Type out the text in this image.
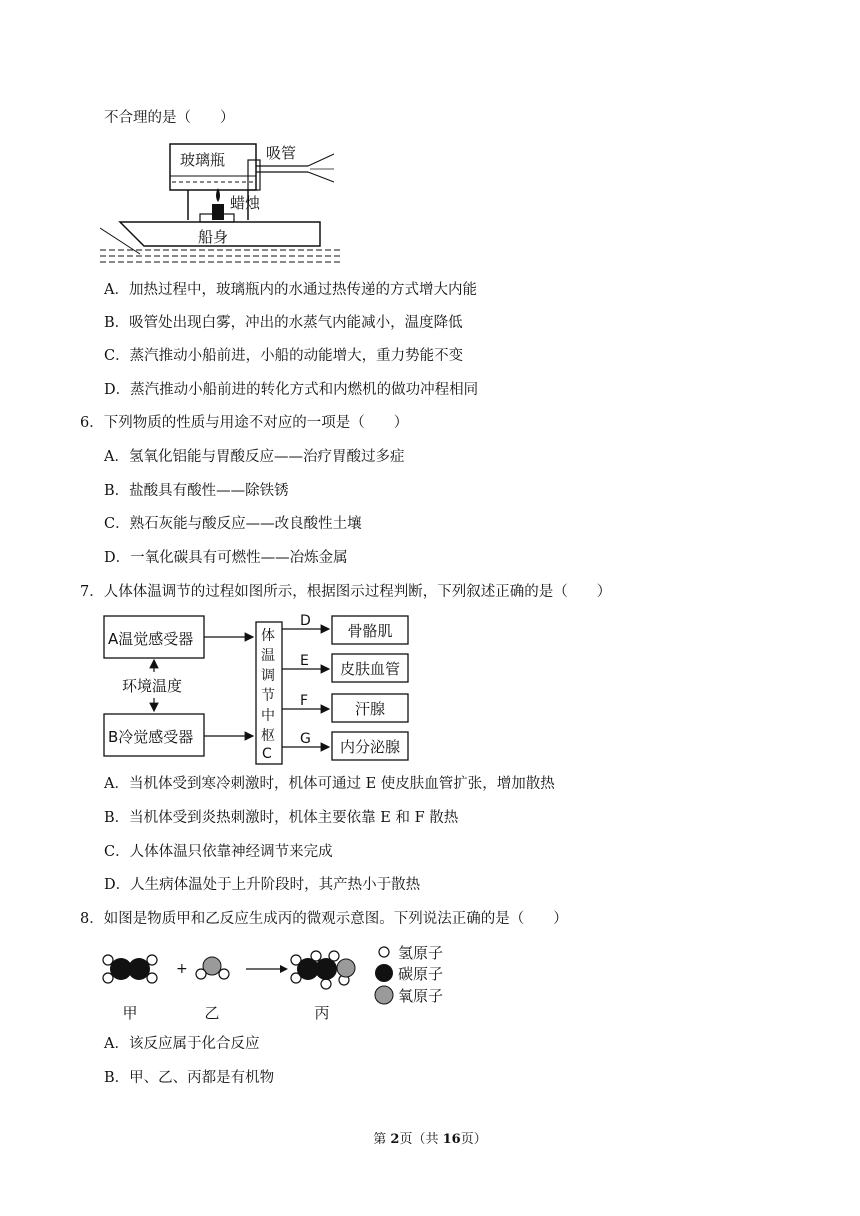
不合理的是（　　）
玻璃瓶	吸管
蜡烛
船身
A．加热过程中，玻璃瓶内的水通过热传递的方式增大内能
B．吸管处出现白雾，冲出的水蒸气内能减小，温度降低
C．蒸汽推动小船前进，小船的动能增大，重力势能不变
D．蒸汽推动小船前进的转化方式和内燃机的做功冲程相同
6．下列物质的性质与用途不对应的一项是（　　）
A．氢氧化铝能与胃酸反应——治疗胃酸过多症
B．盐酸具有酸性——除铁锈
C．熟石灰能与酸反应——改良酸性土壤
D．一氧化碳具有可燃性——冶炼金属
7．人体体温调节的过程如图所示，根据图示过程判断，下列叙述正确的是（　　）
A温觉感受器
B冷觉感受器
环境温度
体
温
调
节
中
枢
C
D
E
F
G
骨骼肌
皮肤血管
汗腺
内分泌腺
A．当机体受到寒冷刺激时，机体可通过 E 使皮肤血管扩张，增加散热
B．当机体受到炎热刺激时，机体主要依靠 E 和 F 散热
C．人体体温只依靠神经调节来完成
D．人生病体温处于上升阶段时，其产热小于散热
8．如图是物质甲和乙反应生成丙的微观示意图。下列说法正确的是（　　）
+
甲	乙	丙
氢原子
碳原子
氧原子
A．该反应属于化合反应
B．甲、乙、丙都是有机物
第 2页（共 16页）
